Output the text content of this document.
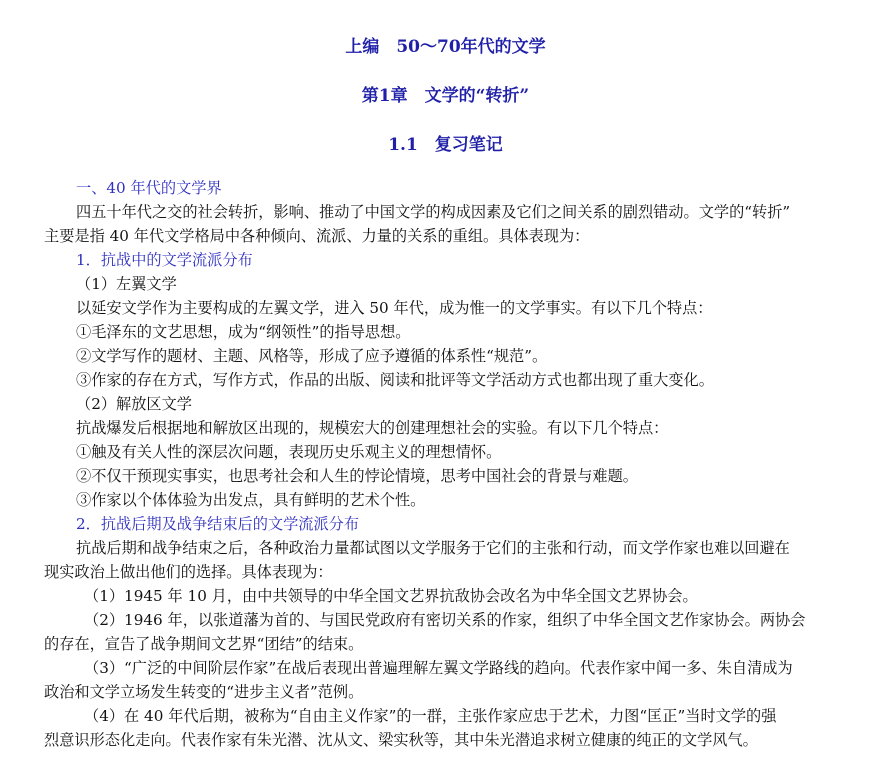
上编　50～70年代的文学
第1章　文学的“转折”
1.1　复习笔记
一、40 年代的文学界
四五十年代之交的社会转折，影响、推动了中国文学的构成因素及它们之间关系的剧烈错动。文学的“转折”
主要是指 40 年代文学格局中各种倾向、流派、力量的关系的重组。具体表现为：
1．抗战中的文学流派分布
（1）左翼文学
以延安文学作为主要构成的左翼文学，进入 50 年代，成为惟一的文学事实。有以下几个特点：
①毛泽东的文艺思想，成为“纲领性”的指导思想。
②文学写作的题材、主题、风格等，形成了应予遵循的体系性“规范”。
③作家的存在方式，写作方式，作品的出版、阅读和批评等文学活动方式也都出现了重大变化。
（2）解放区文学
抗战爆发后根据地和解放区出现的，规模宏大的创建理想社会的实验。有以下几个特点：
①触及有关人性的深层次问题，表现历史乐观主义的理想情怀。
②不仅干预现实事实，也思考社会和人生的悖论情境，思考中国社会的背景与难题。
③作家以个体体验为出发点，具有鲜明的艺术个性。
2．抗战后期及战争结束后的文学流派分布
抗战后期和战争结束之后，各种政治力量都试图以文学服务于它们的主张和行动，而文学作家也难以回避在
现实政治上做出他们的选择。具体表现为：
（1）1945 年 10 月，由中共领导的中华全国文艺界抗敌协会改名为中华全国文艺界协会。
（2）1946 年，以张道藩为首的、与国民党政府有密切关系的作家，组织了中华全国文艺作家协会。两协会
的存在，宣告了战争期间文艺界“团结”的结束。
（3）“广泛的中间阶层作家”在战后表现出普遍理解左翼文学路线的趋向。代表作家中闻一多、朱自清成为
政治和文学立场发生转变的“进步主义者”范例。
（4）在 40 年代后期，被称为“自由主义作家”的一群，主张作家应忠于艺术，力图“匡正”当时文学的强
烈意识形态化走向。代表作家有朱光潜、沈从文、梁实秋等，其中朱光潜追求树立健康的纯正的文学风气。
